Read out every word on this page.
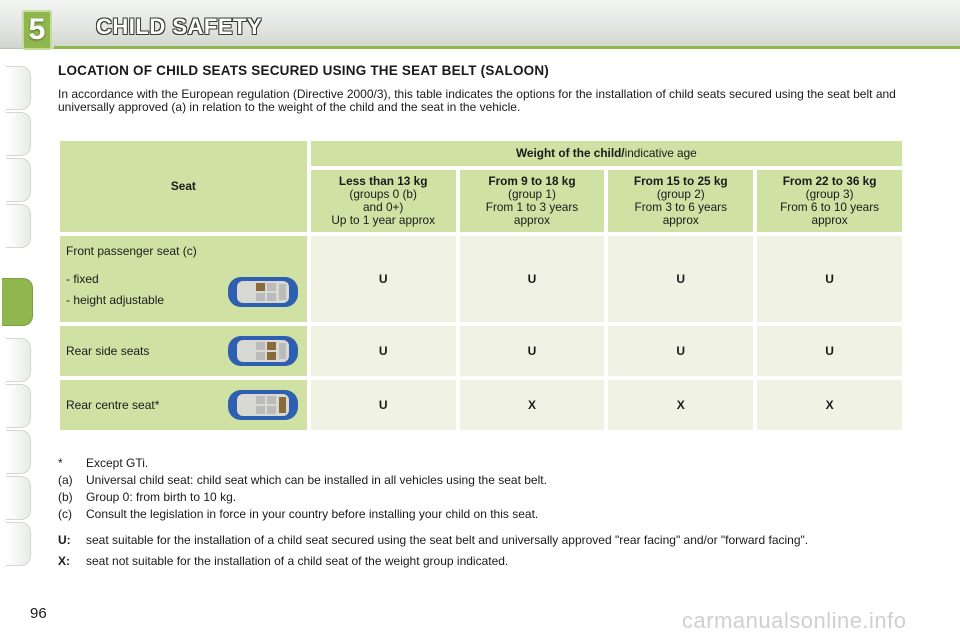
5	CHILD SAFETY
LOCATION OF CHILD SEATS SECURED USING THE SEAT BELT (SALOON)
In accordance with the European regulation (Directive 2000/3), this table indicates the options for the installation of child seats secured using the seat belt and universally approved (a) in relation to the weight of the child and the seat in the vehicle.
Seat	Weight of the child/indicative age			

	Less than 13 kg
(groups 0 (b)
and 0+)
Up to 1 year approx	From 9 to 18 kg
(group 1)
From 1 to 3 years
approx	From 15 to 25 kg
(group 2)
From 3 to 6 years
approx	From 22 to 36 kg
(group 3)
From 6 to 10 years
approx

Front passenger seat (c)
- fixed
- height adjustable	U	U	U	U
Rear side seats	U	U	U	U
Rear centre seat*	U	X	X	X
*	Except GTi.
(a)	Universal child seat: child seat which can be installed in all vehicles using the seat belt.
(b)	Group 0: from birth to 10 kg.
(c)	Consult the legislation in force in your country before installing your child on this seat.
U:	seat suitable for the installation of a child seat secured using the seat belt and universally approved "rear facing" and/or "forward facing".
X:	seat not suitable for the installation of a child seat of the weight group indicated.
96	carmanualsonline.info
